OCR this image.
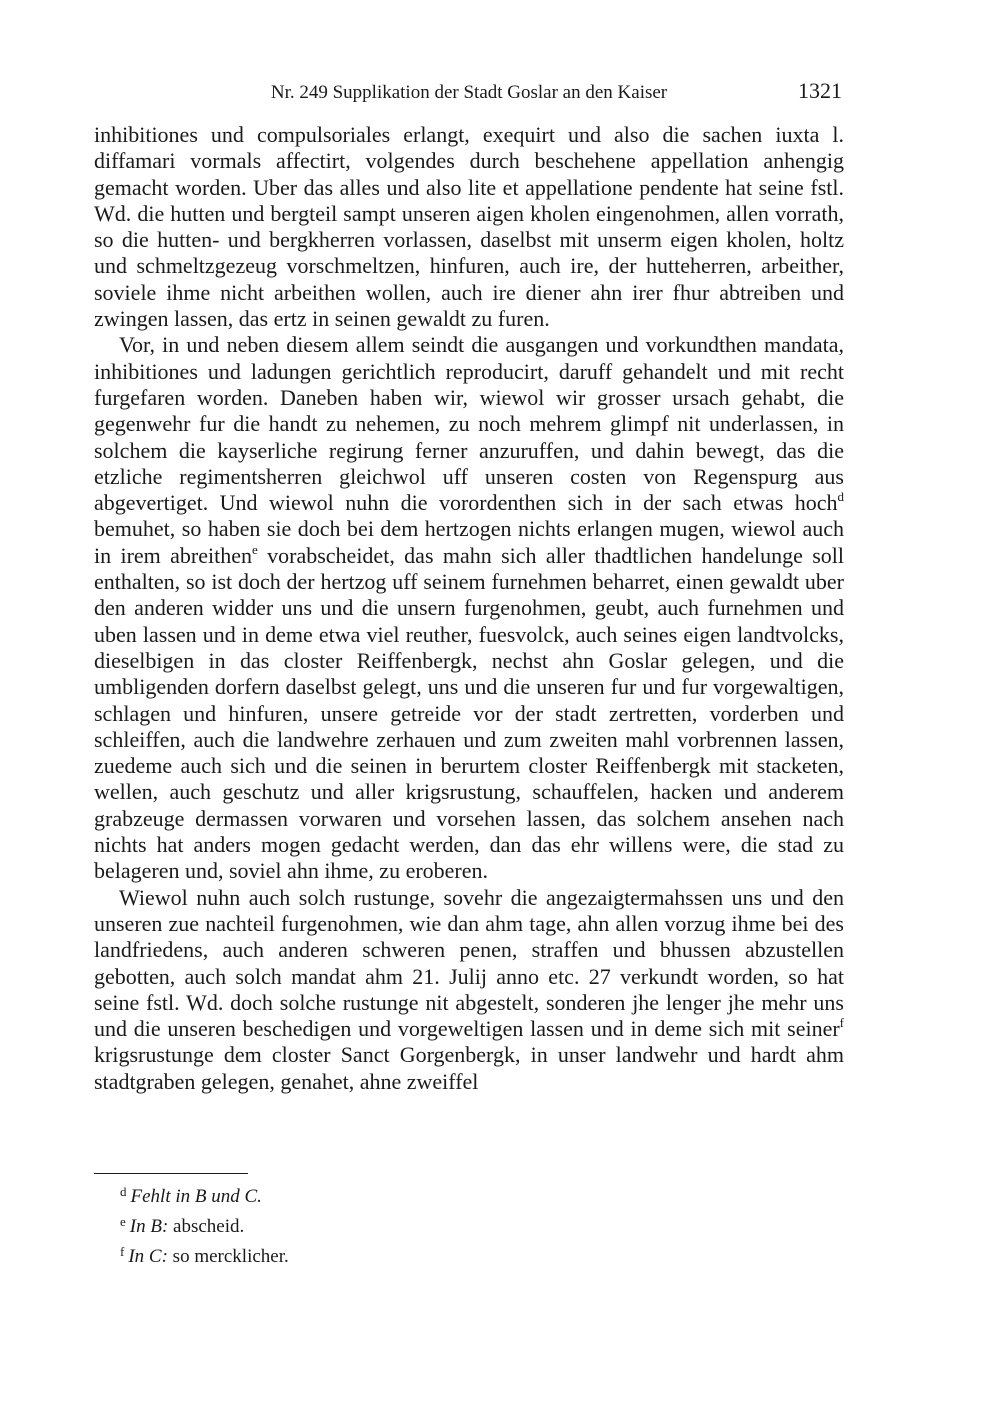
Nr. 249 Supplikation der Stadt Goslar an den Kaiser	1321

inhibitiones und compulsoriales erlangt, exequirt und also die sachen iuxta l. diffamari vormals affectirt, volgendes durch beschehene appellation anhengig gemacht worden. Uber das alles und also lite et appellatione pendente hat seine fstl. Wd. die hutten und bergteil sampt unseren aigen kholen eingenohmen, allen vorrath, so die hutten- und bergkherren vorlassen, daselbst mit unserm eigen kholen, holtz und schmeltzgezeug vorschmeltzen, hinfuren, auch ire, der hutteherren, arbeither, soviele ihme nicht arbeithen wollen, auch ire diener ahn irer fhur abtreiben und zwingen lassen, das ertz in seinen gewaldt zu furen.

Vor, in und neben diesem allem seindt die ausgangen und vorkundthen mandata, inhibitiones und ladungen gerichtlich reproducirt, daruff gehandelt und mit recht furgefaren worden. Daneben haben wir, wiewol wir grosser ursach gehabt, die gegenwehr fur die handt zu nehemen, zu noch mehrem glimpf nit underlassen, in solchem die kayserliche regirung ferner anzuruffen, und dahin bewegt, das die etzliche regimentsherren gleichwol uff unseren costen von Regenspurg aus abgevertiget. Und wiewol nuhn die vorordenthen sich in der sach etwas hoch$^d$ bemuhet, so haben sie doch bei dem hertzogen nichts erlangen mugen, wiewol auch in irem abreithen$^e$ vorabscheidet, das mahn sich aller thadtlichen handelunge soll enthalten, so ist doch der hertzog uff seinem furnehmen beharret, einen gewaldt uber den anderen widder uns und die unsern furgenohmen, geubt, auch furnehmen und uben lassen und in deme etwa viel reuther, fuesvolck, auch seines eigen landtvolcks, dieselbigen in das closter Reiffenbergk, nechst ahn Goslar gelegen, und die umbligenden dorfern daselbst gelegt, uns und die unseren fur und fur vorgewaltigen, schlagen und hinfuren, unsere getreide vor der stadt zertretten, vorderben und schleiffen, auch die landwehre zerhauen und zum zweiten mahl vorbrennen lassen, zuedeme auch sich und die seinen in berurtem closter Reiffenbergk mit stacketen, wellen, auch geschutz und aller krigsrustung, schauffelen, hacken und anderem grabzeuge dermassen vorwaren und vorsehen lassen, das solchem ansehen nach nichts hat anders mogen gedacht werden, dan das ehr willens were, die stad zu belageren und, soviel ahn ihme, zu eroberen.

Wiewol nuhn auch solch rustunge, sovehr die angezaigtermahssen uns und den unseren zue nachteil furgenohmen, wie dan ahm tage, ahn allen vorzug ihme bei des landfriedens, auch anderen schweren penen, straffen und bhussen abzustellen gebotten, auch solch mandat ahm 21. Julij anno etc. 27 verkundt worden, so hat seine fstl. Wd. doch solche rustunge nit abgestelt, sonderen jhe lenger jhe mehr uns und die unseren beschedigen und vorgeweltigen lassen und in deme sich mit seiner$^f$ krigsrustunge dem closter Sanct Gorgenbergk, in unser landwehr und hardt ahm stadtgraben gelegen, genahet, ahne zweiffel

$^d$ Fehlt in B und C.
$^e$ In B: abscheid.
$^f$ In C: so mercklicher.
